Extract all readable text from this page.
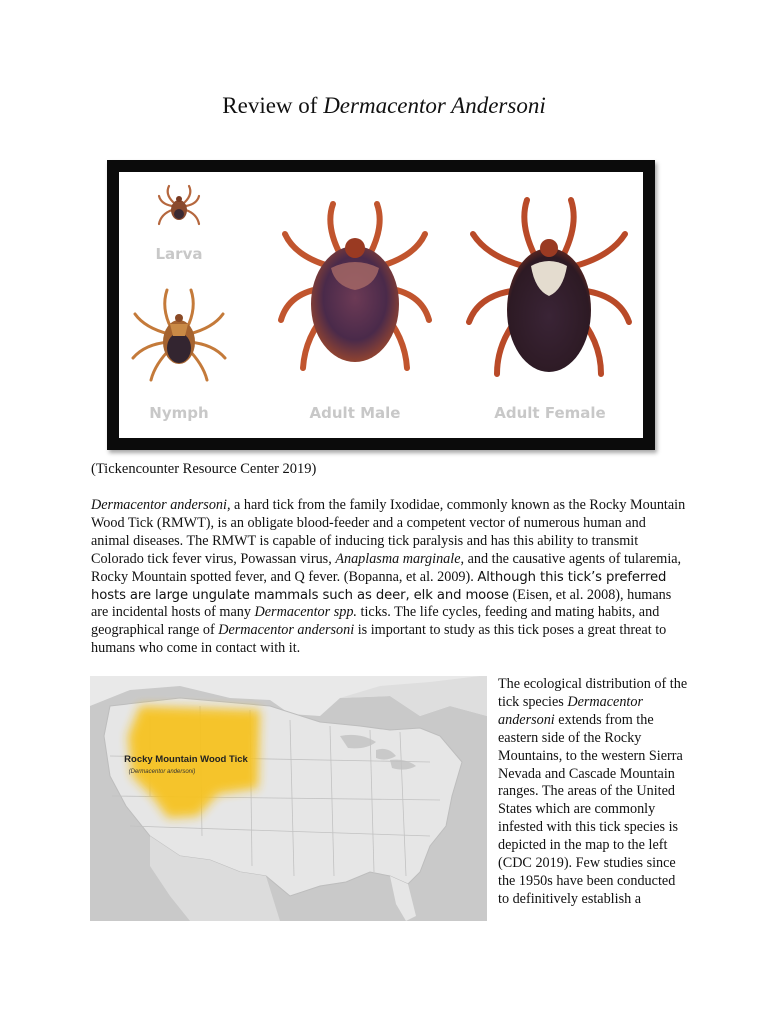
Review of Dermacentor Andersoni
Larva
Nymph	Adult Male	Adult Female
(Tickencounter Resource Center 2019)
Dermacentor andersoni, a hard tick from the family Ixodidae, commonly known as the Rocky Mountain Wood Tick (RMWT), is an obligate blood-feeder and a competent vector of numerous human and animal diseases. The RMWT is capable of inducing tick paralysis and has this ability to transmit Colorado tick fever virus, Powassan virus, Anaplasma marginale, and the causative agents of tularemia, Rocky Mountain spotted fever, and Q fever. (Bopanna, et al. 2009). Although this tick’s preferred hosts are large ungulate mammals such as deer, elk and moose (Eisen, et al. 2008), humans are incidental hosts of many Dermacentor spp. ticks. The life cycles, feeding and mating habits, and geographical range of Dermacentor andersoni is important to study as this tick poses a great threat to humans who come in contact with it.
Rocky Mountain Wood Tick
(Dermacentor andersoni)
The ecological distribution of the tick species Dermacentor andersoni extends from the eastern side of the Rocky Mountains, to the western Sierra Nevada and Cascade Mountain ranges. The areas of the United States which are commonly infested with this tick species is depicted in the map to the left (CDC 2019). Few studies since the 1950s have been conducted to definitively establish a
